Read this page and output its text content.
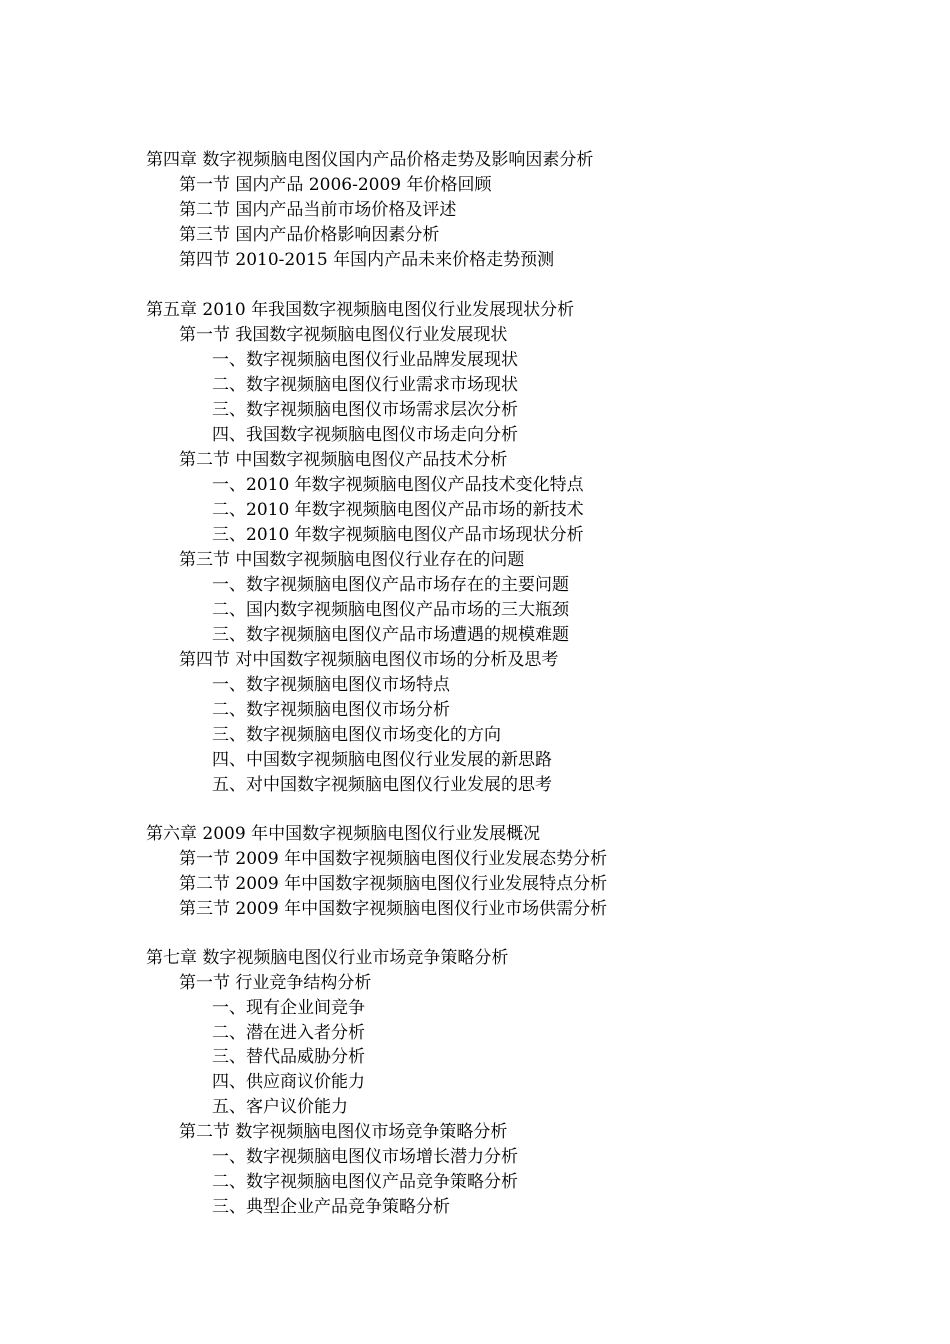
第四章 数字视频脑电图仪国内产品价格走势及影响因素分析
第一节 国内产品 2006-2009 年价格回顾
第二节 国内产品当前市场价格及评述
第三节 国内产品价格影响因素分析
第四节 2010-2015 年国内产品未来价格走势预测
第五章 2010 年我国数字视频脑电图仪行业发展现状分析
第一节 我国数字视频脑电图仪行业发展现状
一、数字视频脑电图仪行业品牌发展现状
二、数字视频脑电图仪行业需求市场现状
三、数字视频脑电图仪市场需求层次分析
四、我国数字视频脑电图仪市场走向分析
第二节 中国数字视频脑电图仪产品技术分析
一、2010 年数字视频脑电图仪产品技术变化特点
二、2010 年数字视频脑电图仪产品市场的新技术
三、2010 年数字视频脑电图仪产品市场现状分析
第三节 中国数字视频脑电图仪行业存在的问题
一、数字视频脑电图仪产品市场存在的主要问题
二、国内数字视频脑电图仪产品市场的三大瓶颈
三、数字视频脑电图仪产品市场遭遇的规模难题
第四节 对中国数字视频脑电图仪市场的分析及思考
一、数字视频脑电图仪市场特点
二、数字视频脑电图仪市场分析
三、数字视频脑电图仪市场变化的方向
四、中国数字视频脑电图仪行业发展的新思路
五、对中国数字视频脑电图仪行业发展的思考
第六章 2009 年中国数字视频脑电图仪行业发展概况
第一节 2009 年中国数字视频脑电图仪行业发展态势分析
第二节 2009 年中国数字视频脑电图仪行业发展特点分析
第三节 2009 年中国数字视频脑电图仪行业市场供需分析
第七章 数字视频脑电图仪行业市场竞争策略分析
第一节 行业竞争结构分析
一、现有企业间竞争
二、潜在进入者分析
三、替代品威胁分析
四、供应商议价能力
五、客户议价能力
第二节 数字视频脑电图仪市场竞争策略分析
一、数字视频脑电图仪市场增长潜力分析
二、数字视频脑电图仪产品竞争策略分析
三、典型企业产品竞争策略分析
